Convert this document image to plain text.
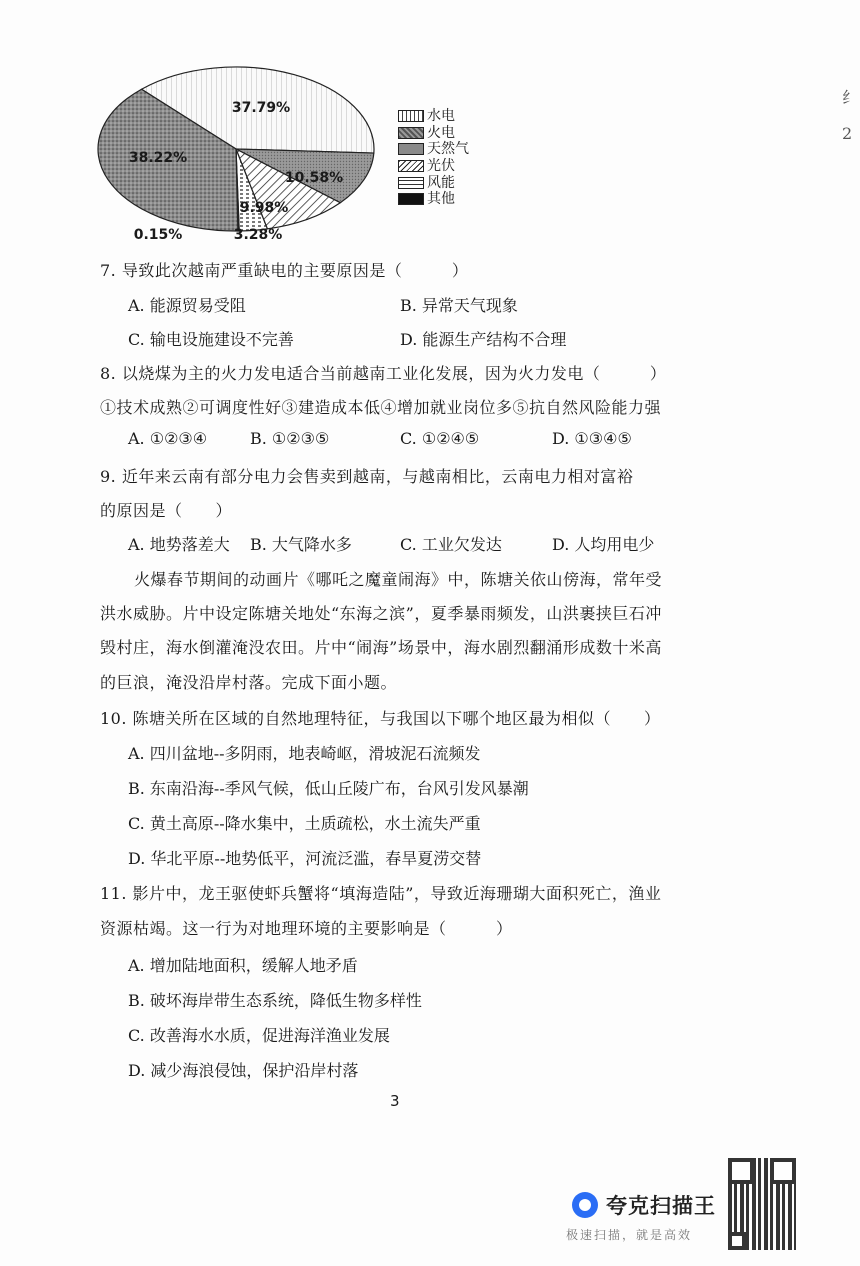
37.79%
38.22%
10.58%
9.98%
3.28%
0.15%
水电
火电
天然气
光伏
风能
其他
纟
2
7. 导致此次越南严重缺电的主要原因是（　　　）
A. 能源贸易受阻	B. 异常天气现象
C. 输电设施建设不完善	D. 能源生产结构不合理
8. 以烧煤为主的火力发电适合当前越南工业化发展，因为火力发电（　　　）
①技术成熟②可调度性好③建造成本低④增加就业岗位多⑤抗自然风险能力强
A. ①②③④	B. ①②③⑤	C. ①②④⑤	D. ①③④⑤
9. 近年来云南有部分电力会售卖到越南，与越南相比，云南电力相对富裕
的原因是（　　）
A. 地势落差大 B. 大气降水多	C. 工业欠发达	D. 人均用电少
火爆春节期间的动画片《哪吒之魔童闹海》中，陈塘关依山傍海，常年受
洪水威胁。片中设定陈塘关地处“东海之滨”，夏季暴雨频发，山洪裹挟巨石冲
毁村庄，海水倒灌淹没农田。片中“闹海”场景中，海水剧烈翻涌形成数十米高
的巨浪，淹没沿岸村落。完成下面小题。
10. 陈塘关所在区域的自然地理特征，与我国以下哪个地区最为相似（　　）
A. 四川盆地--多阴雨，地表崎岖，滑坡泥石流频发
B. 东南沿海--季风气候，低山丘陵广布，台风引发风暴潮
C. 黄土高原--降水集中，土质疏松，水土流失严重
D. 华北平原--地势低平，河流泛滥，春旱夏涝交替
11. 影片中，龙王驱使虾兵蟹将“填海造陆”，导致近海珊瑚大面积死亡，渔业
资源枯竭。这一行为对地理环境的主要影响是（　　　）
A. 增加陆地面积，缓解人地矛盾
B. 破坏海岸带生态系统，降低生物多样性
C. 改善海水水质，促进海洋渔业发展
D. 减少海浪侵蚀，保护沿岸村落
3
夸克扫描王
极速扫描，就是高效
